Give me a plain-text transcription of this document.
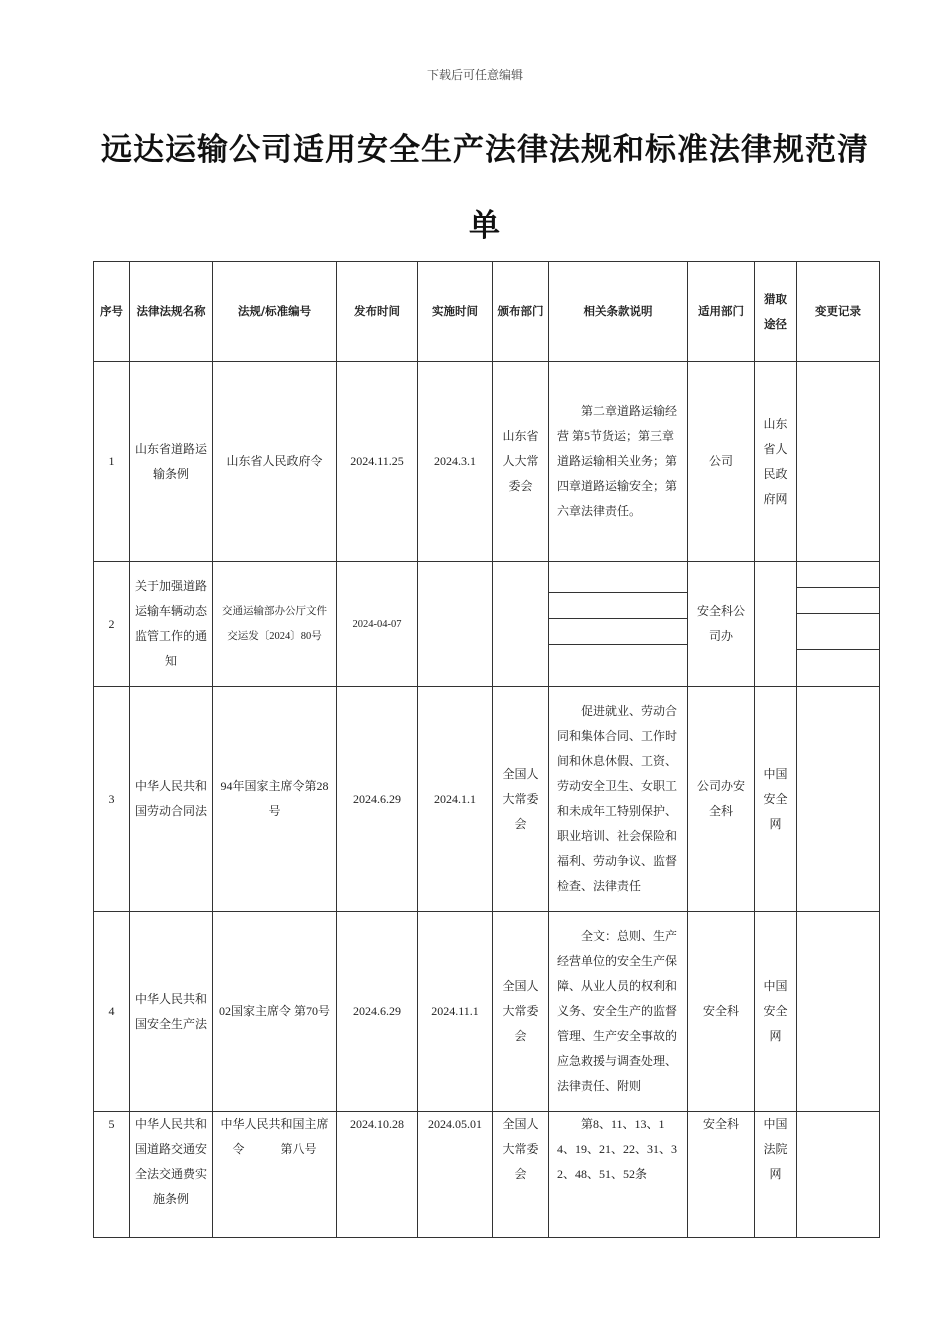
下载后可任意编辑
远达运输公司适用安全生产法律法规和标准法律规范清单
序号	法律法规名称	法规/标准编号	发布时间	实施时间	颁布部门	相关条款说明	适用部门	猎取途径	变更记录
1	山东省道路运输条例	山东省人民政府令	2024.11.25	2024.3.1	山东省人大常委会	第二章道路运输经营 第5节货运；第三章道路运输相关业务；第四章道路运输安全；第六章法律责任。	公司	山东省人民政府网	
2	关于加强道路运输车辆动态监管工作的通知	交通运输部办公厅文件 交运发〔2024〕80号	2024-04-07				安全科公司办		

3	中华人民共和国劳动合同法	94年国家主席令第28号	2024.6.29	2024.1.1	全国人大常委会	促进就业、劳动合同和集体合同、工作时间和休息休假、工资、劳动安全卫生、女职工和未成年工特别保护、职业培训、社会保险和福利、劳动争议、监督检查、法律责任	公司办安全科	中国安全网	
4	中华人民共和国安全生产法	02国家主席令 第70号	2024.6.29	2024.11.1	全国人大常委会	全文：总则、生产经营单位的安全生产保障、从业人员的权利和义务、安全生产的监督管理、生产安全事故的应急救援与调查处理、法律责任、附则	安全科	中国安全网	
5	中华人民共和国道路交通安全法交通费实施条例	中华人民共和国主席令　　　第八号	2024.10.28	2024.05.01	全国人大常委会	第8、11、13、14、19、21、22、31、32、48、51、52条	安全科	中国法院网	
